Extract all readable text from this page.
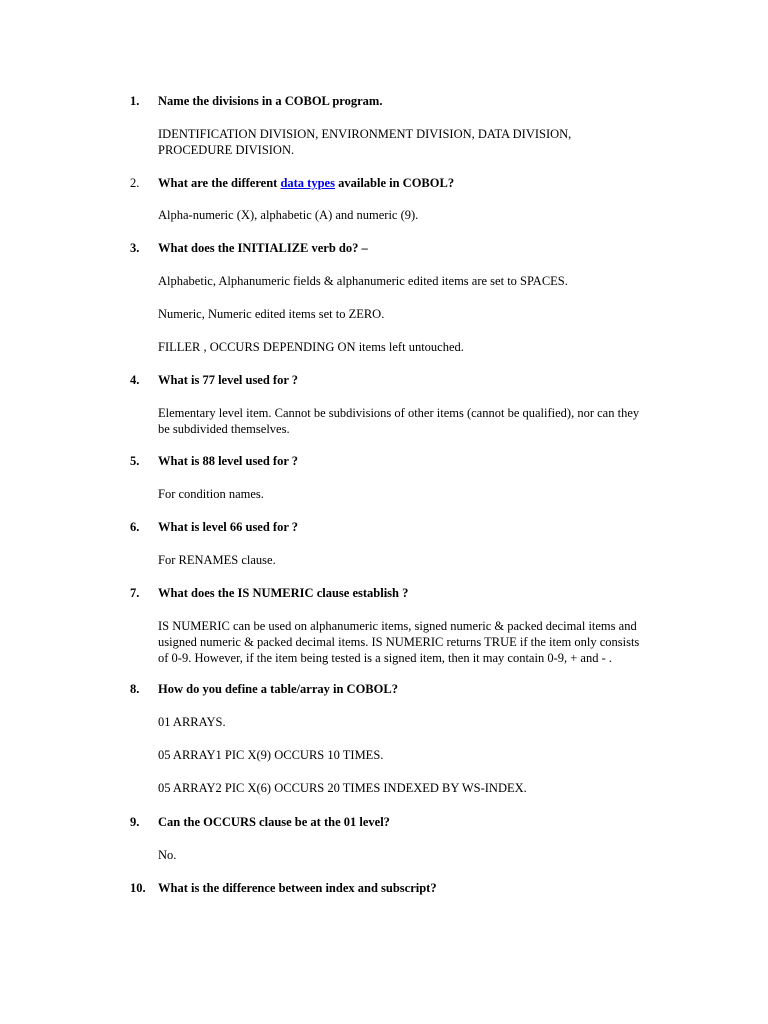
1.	Name the divisions in a COBOL program.
IDENTIFICATION DIVISION, ENVIRONMENT DIVISION, DATA DIVISION, PROCEDURE DIVISION.
2.	What are the different data types available in COBOL?
Alpha-numeric (X), alphabetic (A) and numeric (9).
3.	What does the INITIALIZE verb do? –
Alphabetic, Alphanumeric fields & alphanumeric edited items are set to SPACES.
Numeric, Numeric edited items set to ZERO.
FILLER , OCCURS DEPENDING ON items left untouched.
4.	What is 77 level used for ?
Elementary level item. Cannot be subdivisions of other items (cannot be qualified), nor can they be subdivided themselves.
5.	What is 88 level used for ?
For condition names.
6.	What is level 66 used for ?
For RENAMES clause.
7.	What does the IS NUMERIC clause establish ?
IS NUMERIC can be used on alphanumeric items, signed numeric & packed decimal items and usigned numeric & packed decimal items. IS NUMERIC returns TRUE if the item only consists of 0-9. However, if the item being tested is a signed item, then it may contain 0-9, + and - .
8.	How do you define a table/array in COBOL?
01 ARRAYS.
05 ARRAY1 PIC X(9) OCCURS 10 TIMES.
05 ARRAY2 PIC X(6) OCCURS 20 TIMES INDEXED BY WS-INDEX.
9.	Can the OCCURS clause be at the 01 level?
No.
10. What is the difference between index and subscript?
